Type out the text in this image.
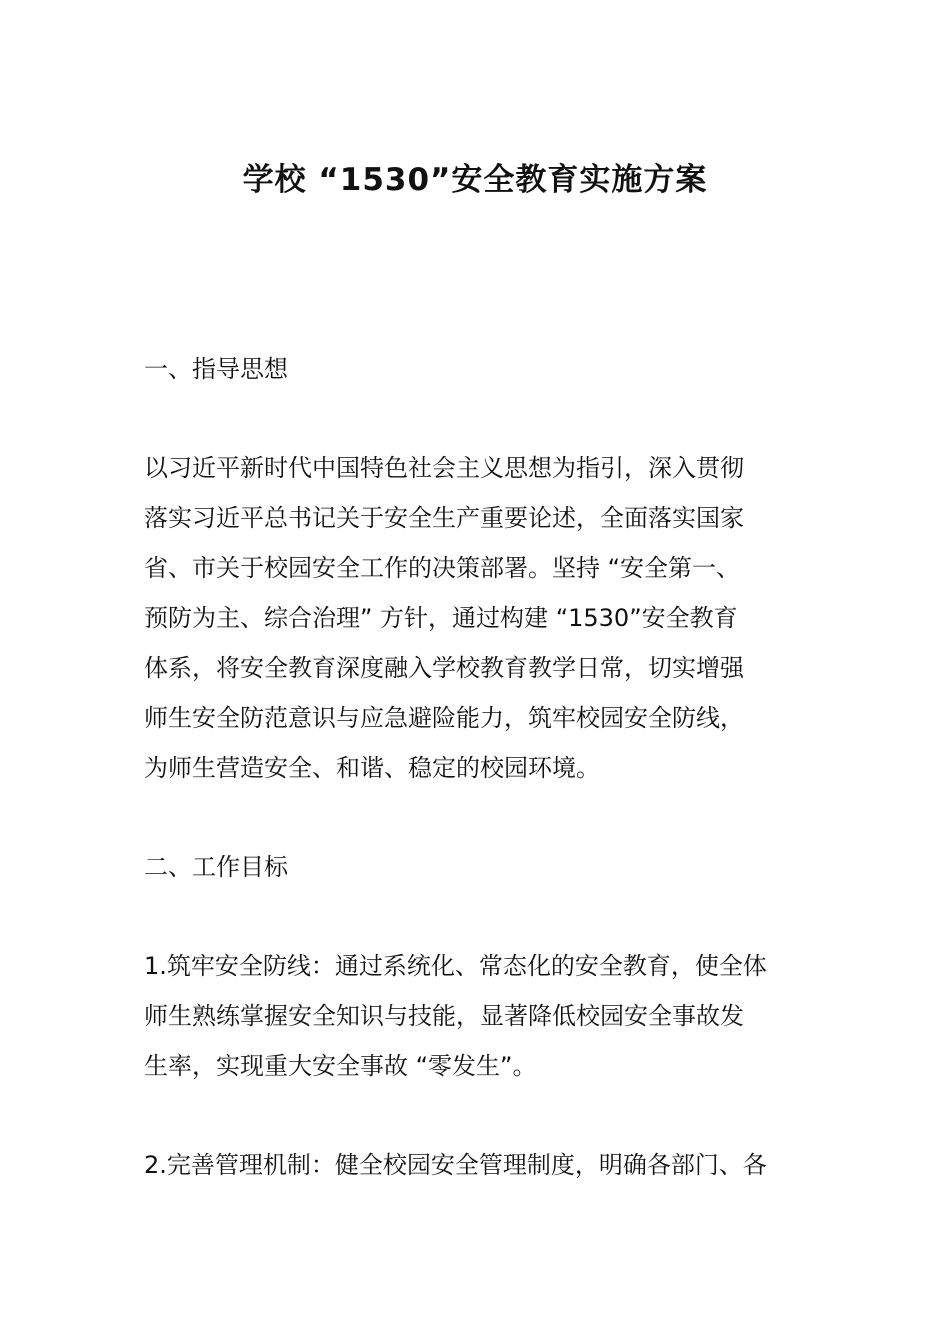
学校 “1530”安全教育实施方案
一、指导思想
以习近平新时代中国特色社会主义思想为指引，深入贯彻
落实习近平总书记关于安全生产重要论述，全面落实国家
省、市关于校园安全工作的决策部署。坚持 “安全第一、
预防为主、综合治理” 方针，通过构建 “1530”安全教育
体系，将安全教育深度融入学校教育教学日常，切实增强
师生安全防范意识与应急避险能力，筑牢校园安全防线，
为师生营造安全、和谐、稳定的校园环境。
二、工作目标
1.筑牢安全防线：通过系统化、常态化的安全教育，使全体
师生熟练掌握安全知识与技能，显著降低校园安全事故发
生率，实现重大安全事故 “零发生”。
2.完善管理机制：健全校园安全管理制度，明确各部门、各
